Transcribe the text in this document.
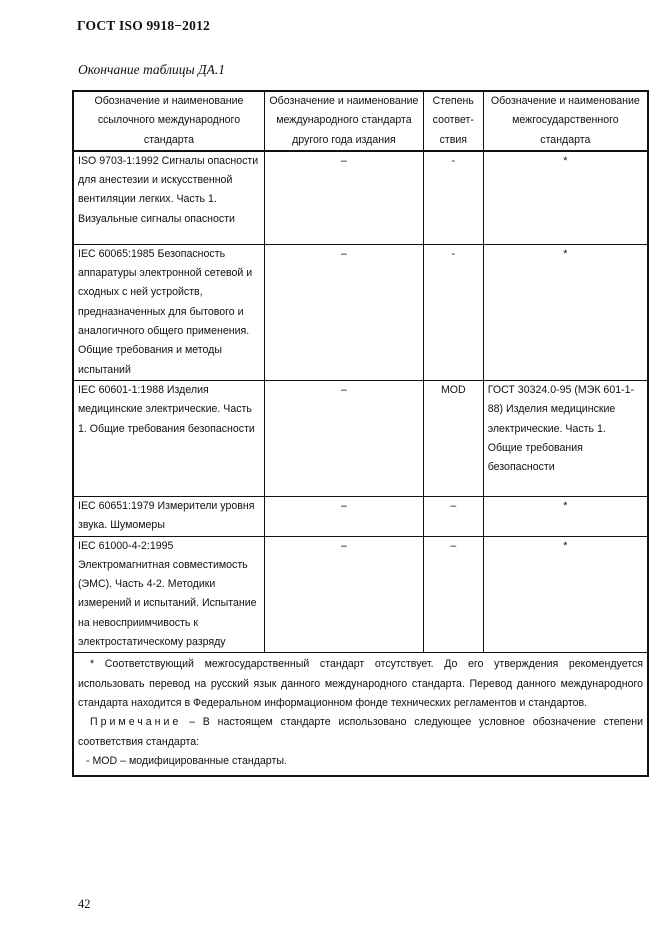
ГОСТ ISO 9918−2012
Окончание таблицы ДА.1
Обозначение и наименование ссылочного международного стандарта	Обозначение и наименование международного стандарта другого года издания	Степень соответ-ствия	Обозначение и наименование межгосударственного стандарта
ISO 9703-1:1992 Сигналы опасности для анестезии и искусственной вентиляции легких. Часть 1. Визуальные сигналы опасности	–	-	*
IEC 60065:1985 Безопасность аппаратуры электронной сетевой и сходных с ней устройств, предназначенных для бытового и аналогичного общего применения. Общие требования и методы испытаний	–	-	*
IEC 60601-1:1988 Изделия медицинские электрические. Часть 1. Общие требования безопасности	–	MOD	ГОСТ 30324.0-95 (МЭК 601-1-88) Изделия медицинские электрические. Часть 1. Общие требования безопасности
IEC 60651:1979 Измерители уровня звука. Шумомеры	–	–	*
IEC 61000-4-2:1995 Электромагнитная совместимость (ЭМС). Часть 4-2. Методики измерений и испытаний. Испытание на невосприимчивость к электростатическому разряду	–	–	*

* Соответствующий межгосударственный стандарт отсутствует. До его утверждения рекомендуется использовать перевод на русский язык данного международного стандарта. Перевод данного международного стандарта находится в Федеральном информационном фонде технических регламентов и стандартов.

Примечание – В настоящем стандарте использовано следующее условное обозначение степени соответствия стандарта:

- MOD – модифицированные стандарты.			

42
